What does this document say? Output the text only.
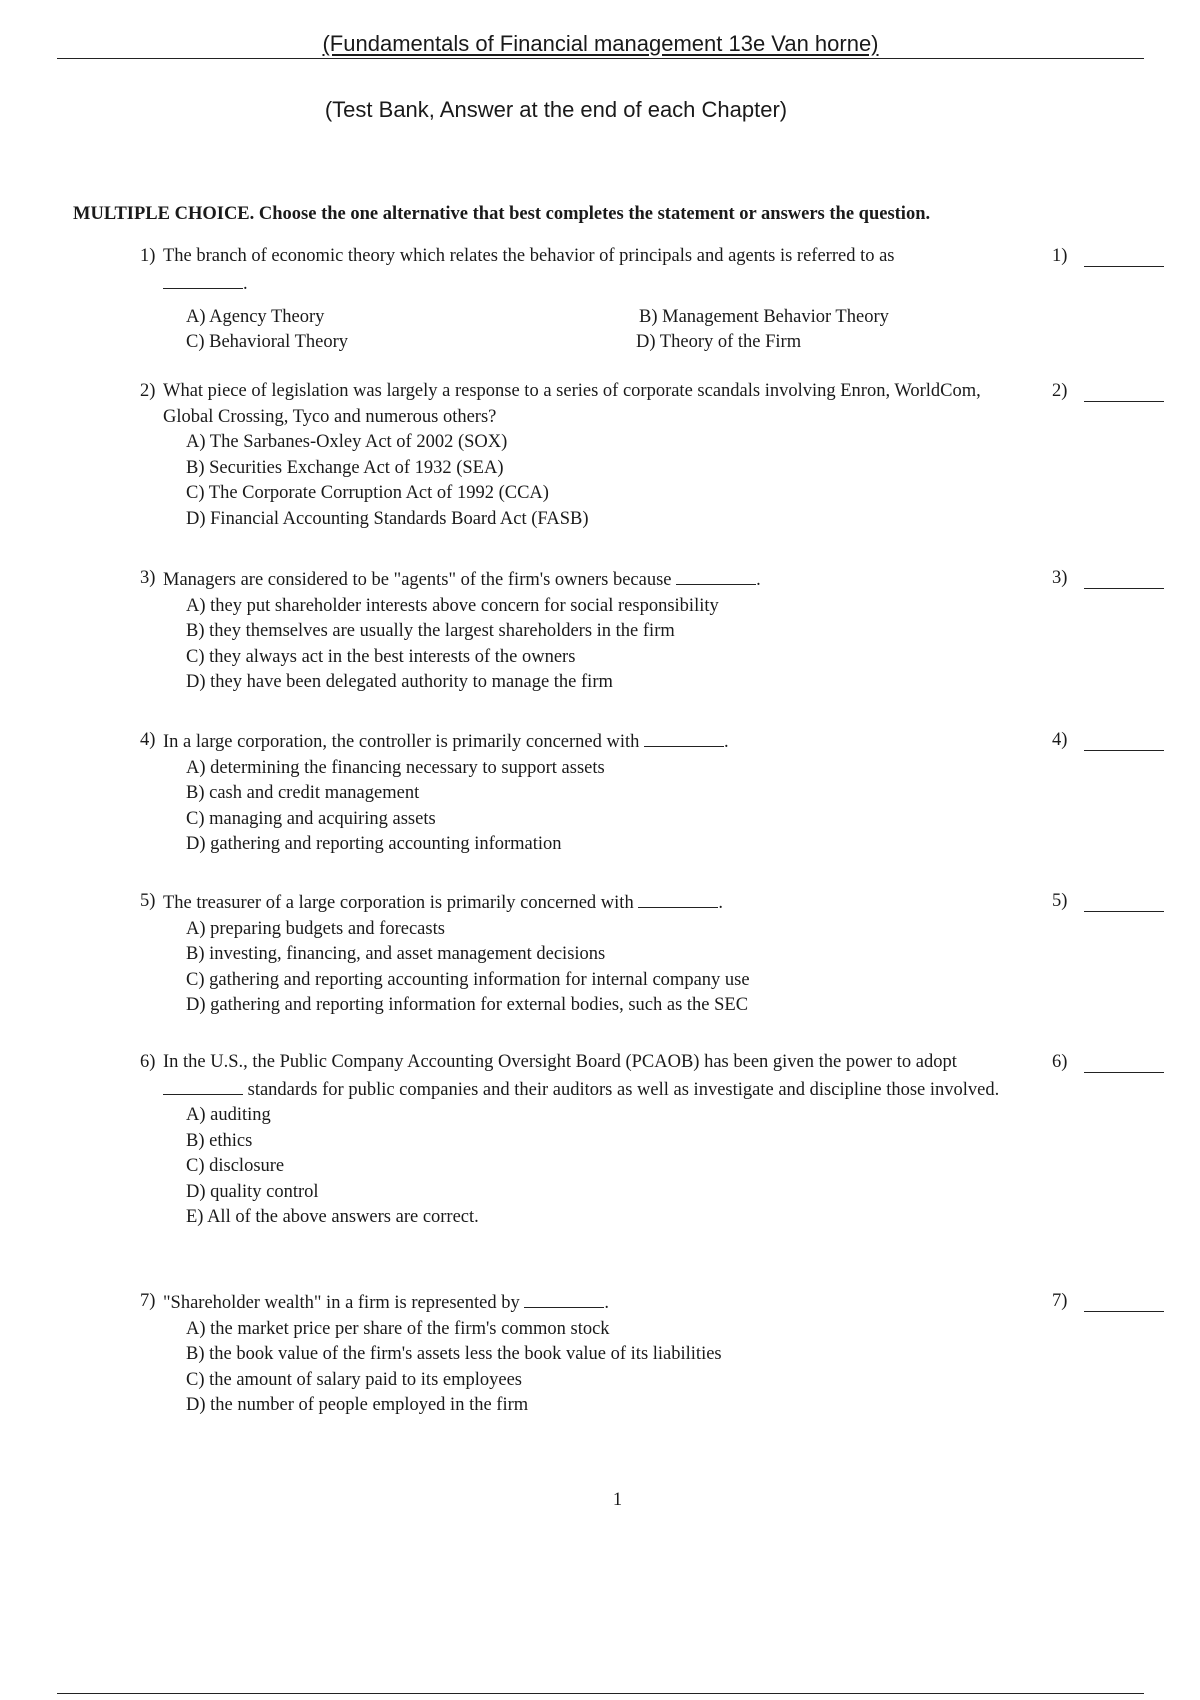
(Fundamentals of Financial management 13e Van horne)
(Test Bank, Answer at the end of each Chapter)
MULTIPLE CHOICE. Choose the one alternative that best completes the statement or answers the question.
1) The branch of economic theory which relates the behavior of principals and agents is referred to as
.
A) Agency Theory	B) Management Behavior Theory
C) Behavioral Theory	D) Theory of the Firm
1)
2) What piece of legislation was largely a response to a series of corporate scandals involving Enron, WorldCom, Global Crossing, Tyco and numerous others?
A) The Sarbanes-Oxley Act of 2002 (SOX)
B) Securities Exchange Act of 1932 (SEA)
C) The Corporate Corruption Act of 1992 (CCA)
D) Financial Accounting Standards Board Act (FASB)
2)
3) Managers are considered to be "agents" of the firm's owners because	.
A) they put shareholder interests above concern for social responsibility
B) they themselves are usually the largest shareholders in the firm
C) they always act in the best interests of the owners
D) they have been delegated authority to manage the firm
3)
4) In a large corporation, the controller is primarily concerned with	.
A) determining the financing necessary to support assets
B) cash and credit management
C) managing and acquiring assets
D) gathering and reporting accounting information
4)
5) The treasurer of a large corporation is primarily concerned with	.
A) preparing budgets and forecasts
B) investing, financing, and asset management decisions
C) gathering and reporting accounting information for internal company use
D) gathering and reporting information for external bodies, such as the SEC
5)
6) In the U.S., the Public Company Accounting Oversight Board (PCAOB) has been given the power to adopt  standards for public companies and their auditors as well as investigate and discipline those involved.
A) auditing
B) ethics
C) disclosure
D) quality control
E) All of the above answers are correct.
6)
7) "Shareholder wealth" in a firm is represented by	.
A) the market price per share of the firm's common stock
B) the book value of the firm's assets less the book value of its liabilities
C) the amount of salary paid to its employees
D) the number of people employed in the firm
7)
1
